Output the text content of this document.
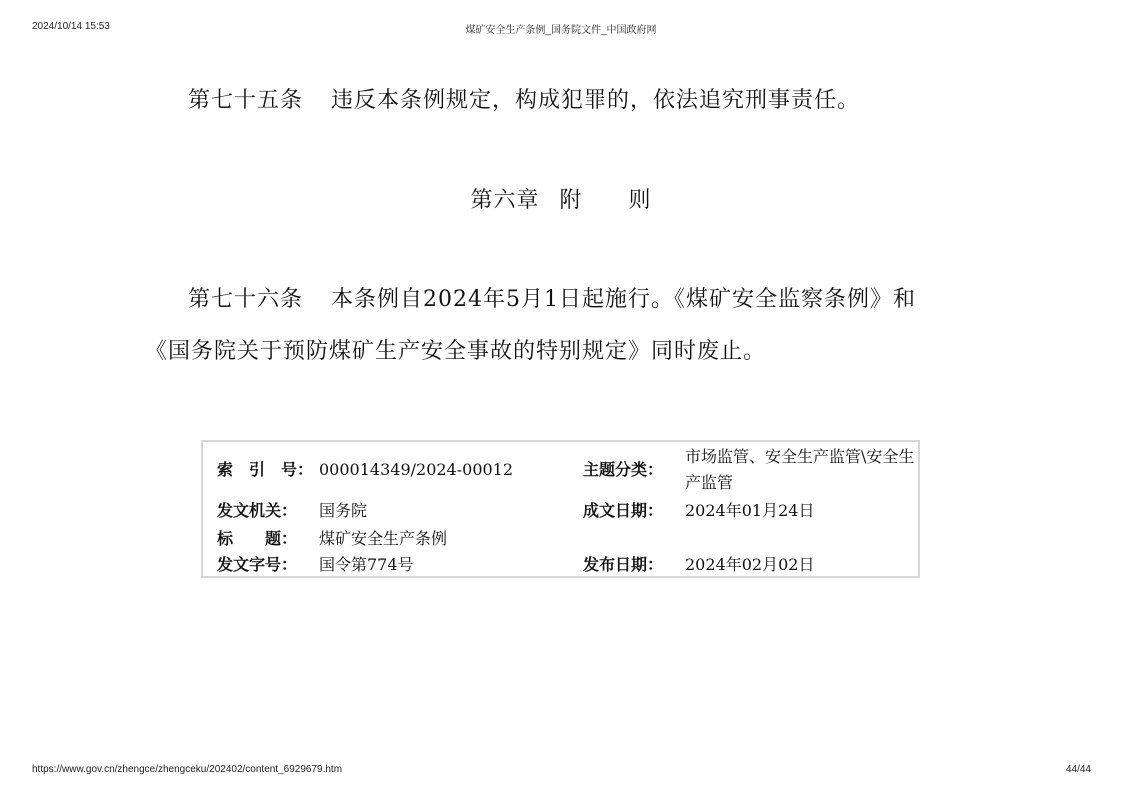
2024/10/14 15:53	煤矿安全生产条例_国务院文件_中国政府网
第七十五条 违反本条例规定，构成犯罪的，依法追究刑事责任。
第六章 附　　则
第七十六条 本条例自2024年5月1日起施行。《煤矿安全监察条例》和
《国务院关于预防煤矿生产安全事故的特别规定》同时废止。
索　引　号： 000014349/2024-00012	主题分类：
市场监管、安全生产监管\安全生产监管
发文机关： 国务院	成文日期： 2024年01月24日
标　　题： 煤矿安全生产条例
发文字号： 国令第774号	发布日期： 2024年02月02日
https://www.gov.cn/zhengce/zhengceku/202402/content_6929679.htm	44/44
